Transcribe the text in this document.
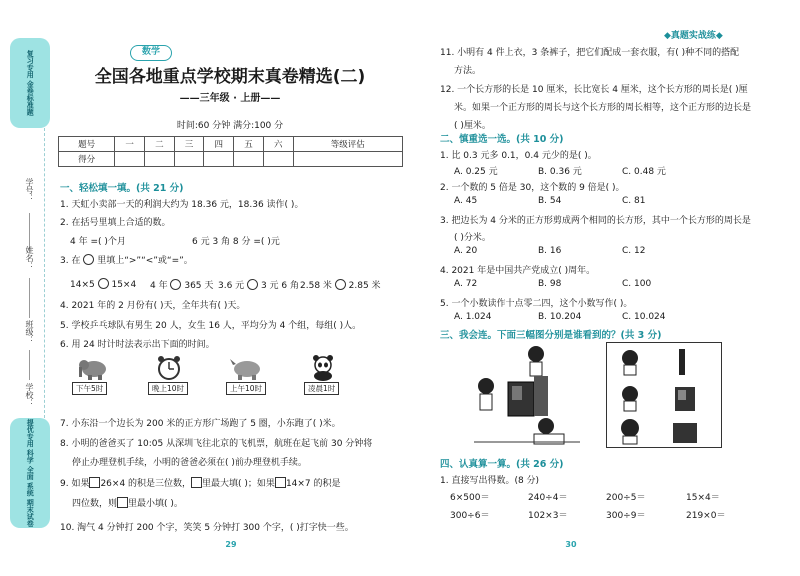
复习专用 金卷标准题
学号：
姓名：
班级：
学校：
提优专用 科学 全面 系统 期末试卷
数学
全国各地重点学校期末真卷精选(二)
——三年级 · 上册——
时间:60 分钟 满分:100 分
题号	一	二	三	四	五	六	等级评估
得分							
一、轻松填一填。(共 21 分)
1. 天虹小卖部一天的利润大约为 18.36 元，18.36 读作( )。
2. 在括号里填上合适的数。
4 年 =( )个月	6 元 3 角 8 分 =( )元
3. 在 里填上“>”“<”或“=”。
14×5 15×4 4 年 365 天 3.6 元 3 元 6 角 2.58 米 2.85 米
4. 2021 年的 2 月份有( )天，全年共有( )天。
5. 学校乒乓球队有男生 20 人，女生 16 人，平均分为 4 个组，每组( )人。
6. 用 24 时计时法表示出下面的时间。
下午5时	晚上10时	上午10时	凌晨1时
7. 小东沿一个边长为 200 米的正方形广场跑了 5 圈，小东跑了( )米。
8. 小明的爸爸买了 10:05 从深圳飞往北京的飞机票，航班在起飞前 30 分钟将
停止办理登机手续，小明的爸爸必须在( )前办理登机手续。
9. 如果 26×4 的积是三位数， 里最大填( )；如果 14×7 的积是
四位数，则 里最小填( )。
10. 淘气 4 分钟打 200 个字，笑笑 5 分钟打 300 个字，( )打字快一些。
♥ 29
◆真题实战练◆
11. 小明有 4 件上衣，3 条裤子，把它们配成一套衣服，有( )种不同的搭配
方法。
12. 一个长方形的长是 10 厘米，长比宽长 4 厘米，这个长方形的周长是( )厘
米。如果一个正方形的周长与这个长方形的周长相等，这个正方形的边长是
( )厘米。
二、慎重选一选。(共 10 分)
1. 比 0.3 元多 0.1，0.4 元少的是( )。
A. 0.25 元	B. 0.36 元	C. 0.48 元
2. 一个数的 5 倍是 30，这个数的 9 倍是( )。
A. 45	B. 54	C. 81
3. 把边长为 4 分米的正方形剪成两个相同的长方形，其中一个长方形的周长是
( )分米。
A. 20	B. 16	C. 12
4. 2021 年是中国共产党成立( )周年。
A. 72	B. 98	C. 100
5. 一个小数读作十点零二四，这个小数写作( )。
A. 1.024	B. 10.204	C. 10.024
三、我会连。下面三幅图分别是谁看到的？(共 3 分)
四、认真算一算。(共 26 分)
1. 直接写出得数。(8 分)
6×500＝	240÷4＝	200÷5＝	15×4＝
300÷6＝	102×3＝	300÷9＝	219×0＝
♥ 30
